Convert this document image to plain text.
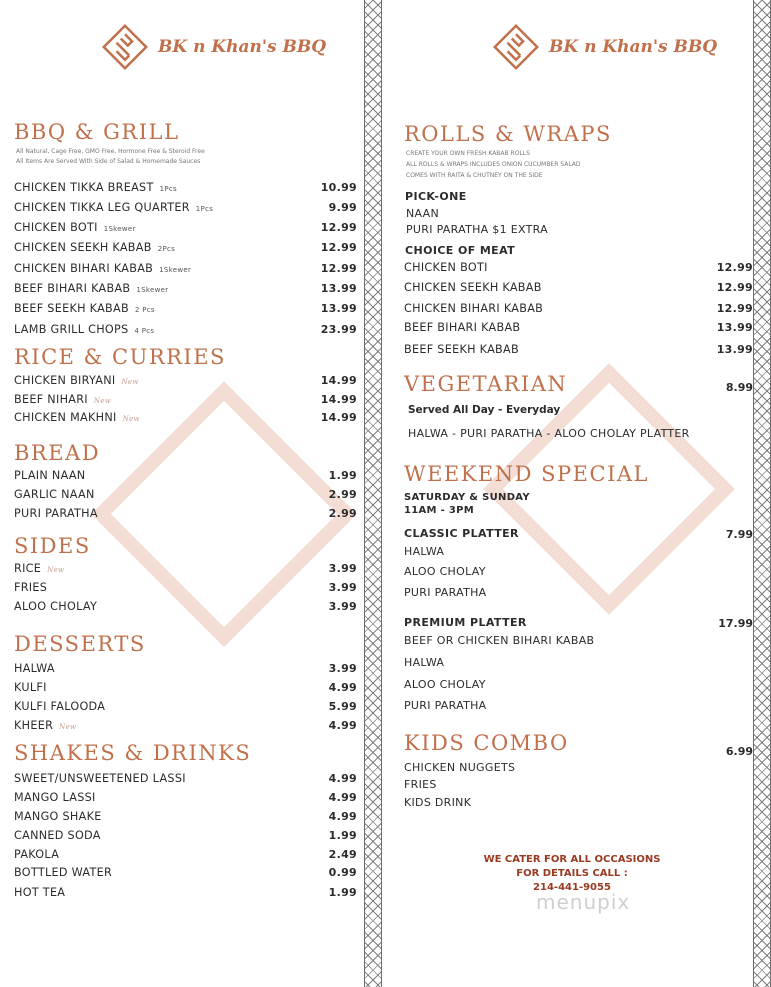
BK n Khan's BBQ
BBQ & GRILL
All Natural, Cage Free, GMO Free, Hormone Free & Steroid Free
All Items Are Served With Side of Salad & Homemade Sauces
CHICKEN TIKKA BREAST 1Pcs	10.99
CHICKEN TIKKA LEG QUARTER 1Pcs	9.99
CHICKEN BOTI 1Skewer	12.99
CHICKEN SEEKH KABAB 2Pcs	12.99
CHICKEN BIHARI KABAB 1Skewer	12.99
BEEF BIHARI KABAB 1Skewer	13.99
BEEF SEEKH KABAB 2 Pcs	13.99
LAMB GRILL CHOPS 4 Pcs	23.99
RICE & CURRIES
CHICKEN BIRYANI New	14.99
BEEF NIHARI New	14.99
CHICKEN MAKHNI New	14.99
BREAD
PLAIN NAAN	1.99
GARLIC NAAN	2.99
PURI PARATHA	2.99
SIDES
RICE New	3.99
FRIES	3.99
ALOO CHOLAY	3.99
DESSERTS
HALWA	3.99
KULFI	4.99
KULFI FALOODA	5.99
KHEER New	4.99
SHAKES & DRINKS
SWEET/UNSWEETENED LASSI	4.99
MANGO LASSI	4.99
MANGO SHAKE	4.99
CANNED SODA	1.99
PAKOLA	2.49
BOTTLED WATER	0.99
HOT TEA	1.99
BK n Khan's BBQ
ROLLS & WRAPS
CREATE YOUR OWN FRESH KABAB ROLLS
ALL ROLLS & WRAPS INCLUDES ONION CUCUMBER SALAD
COMES WITH RAITA & CHUTNEY ON THE SIDE
PICK-ONE
NAAN
PURI PARATHA $1 EXTRA
CHOICE OF MEAT
VEGETARIAN	8.99
Served All Day - Everyday
HALWA - PURI PARATHA - ALOO CHOLAY PLATTER
WEEKEND SPECIAL
SATURDAY & SUNDAY
11AM - 3PM
CLASSIC PLATTER	7.99
PREMIUM PLATTER	17.99
KIDS COMBO	6.99
WE CATER FOR ALL OCCASIONS
FOR DETAILS CALL :
214-441-9055
CHICKEN BOTI	12.99
CHICKEN SEEKH KABAB	12.99
CHICKEN BIHARI KABAB	12.99
BEEF BIHARI KABAB	13.99
BEEF SEEKH KABAB	13.99
HALWA
ALOO CHOLAY
PURI PARATHA
BEEF OR CHICKEN BIHARI KABAB
HALWA
ALOO CHOLAY
PURI PARATHA
CHICKEN NUGGETS
FRIES
KIDS DRINK
menupix
